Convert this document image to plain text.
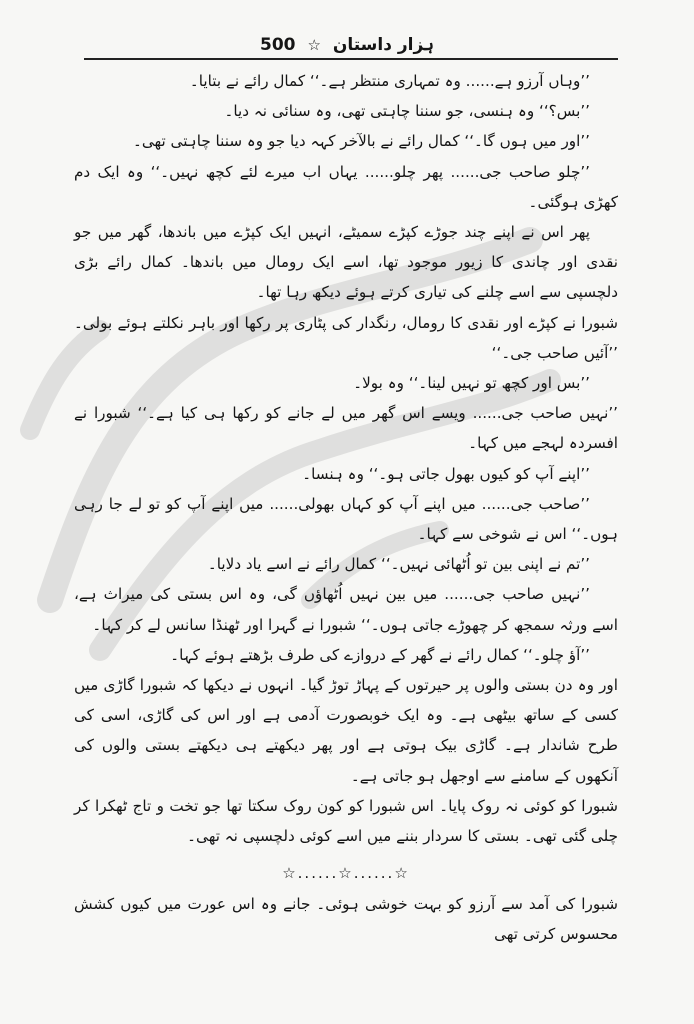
ہزار داستان ☆ 500

’’وہاں آرزو ہے...... وہ تمہاری منتظر ہے۔‘‘ کمال رائے نے بتایا۔

’’بس؟‘‘ وہ ہنسی، جو سننا چاہتی تھی، وہ سنائی نہ دیا۔

’’اور میں ہوں گا۔‘‘ کمال رائے نے بالآخر کہہ دیا جو وہ سننا چاہتی تھی۔

’’چلو صاحب جی...... پھر چلو...... یہاں اب میرے لئے کچھ نہیں۔‘‘ وہ ایک دم کھڑی ہوگئی۔

پھر اس نے اپنے چند جوڑے کپڑے سمیٹے، انہیں ایک کپڑے میں باندھا، گھر میں جو نقدی اور چاندی کا زیور موجود تھا، اسے ایک رومال میں باندھا۔ کمال رائے بڑی دلچسپی سے اسے چلنے کی تیاری کرتے ہوئے دیکھ رہا تھا۔

شبورا نے کپڑے اور نقدی کا رومال، رنگدار کی پٹاری پر رکھا اور باہر نکلتے ہوئے بولی۔ ’’آئیں صاحب جی۔‘‘

’’بس اور کچھ تو نہیں لینا۔‘‘ وہ بولا۔

’’نہیں صاحب جی...... ویسے اس گھر میں لے جانے کو رکھا ہی کیا ہے۔‘‘ شبورا نے افسردہ لہجے میں کہا۔

’’اپنے آپ کو کیوں بھول جاتی ہو۔‘‘ وہ ہنسا۔

’’صاحب جی...... میں اپنے آپ کو کہاں بھولی...... میں اپنے آپ کو تو لے جا رہی ہوں۔‘‘ اس نے شوخی سے کہا۔

’’تم نے اپنی بین تو اُٹھائی نہیں۔‘‘ کمال رائے نے اسے یاد دلایا۔

’’نہیں صاحب جی...... میں بین نہیں اُٹھاؤں گی، وہ اس بستی کی میراث ہے، اسے ورثہ سمجھ کر چھوڑے جاتی ہوں۔‘‘ شبورا نے گہرا اور ٹھنڈا سانس لے کر کہا۔

’’آؤ چلو۔‘‘ کمال رائے نے گھر کے دروازے کی طرف بڑھتے ہوئے کہا۔

اور وہ دن بستی والوں پر حیرتوں کے پہاڑ توڑ گیا۔ انہوں نے دیکھا کہ شبورا گاڑی میں کسی کے ساتھ بیٹھی ہے۔ وہ ایک خوبصورت آدمی ہے اور اس کی گاڑی، اسی کی طرح شاندار ہے۔ گاڑی بیک ہوتی ہے اور پھر دیکھتے ہی دیکھتے بستی والوں کی آنکھوں کے سامنے سے اوجھل ہو جاتی ہے۔

شبورا کو کوئی نہ روک پایا۔ اس شبورا کو کون روک سکتا تھا جو تخت و تاج ٹھکرا کر چلی گئی تھی۔ بستی کا سردار بننے میں اسے کوئی دلچسپی نہ تھی۔

☆......☆......☆

شبورا کی آمد سے آرزو کو بہت خوشی ہوئی۔ جانے وہ اس عورت میں کیوں کشش محسوس کرتی تھی
